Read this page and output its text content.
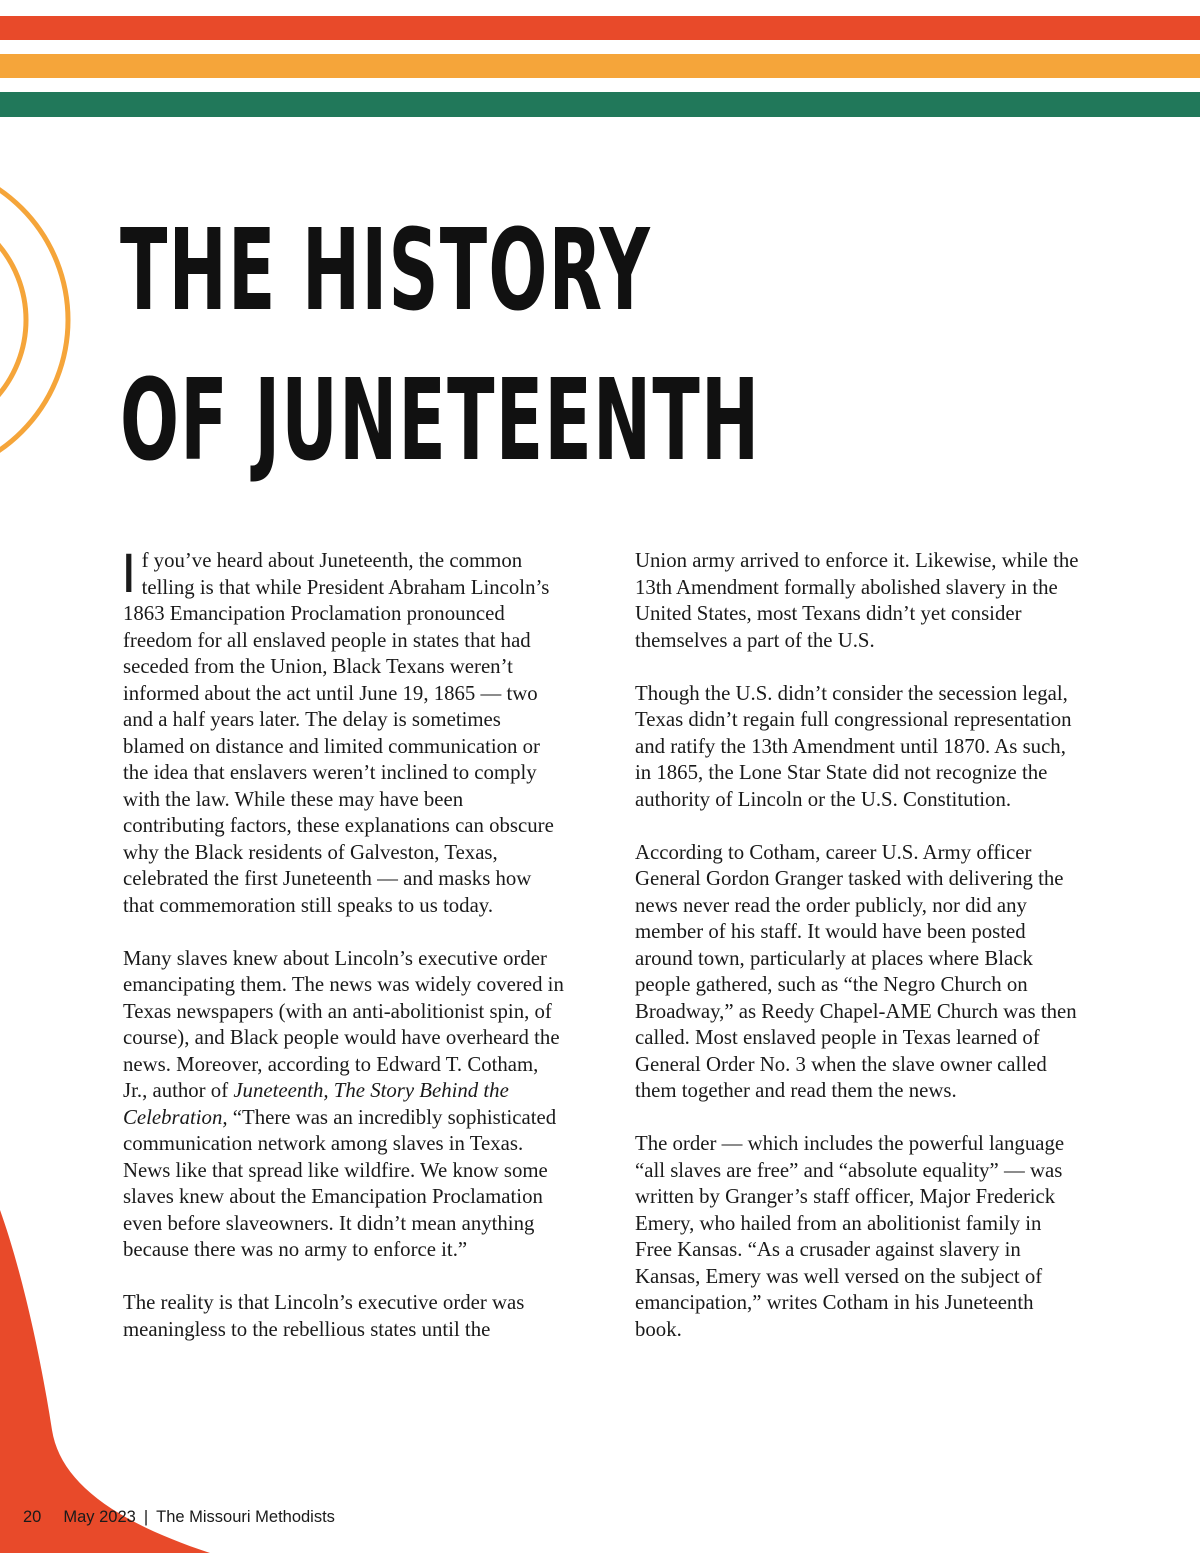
THE HISTORY
OF JUNETEENTH

If you’ve heard about Juneteenth, the common telling is that while President Abraham Lincoln’s 1863 Emancipation Proclamation pronounced freedom for all enslaved people in states that had seceded from the Union, Black Texans weren’t informed about the act until June 19, 1865 — two and a half years later. The delay is sometimes blamed on distance and limited communication or the idea that enslavers weren’t inclined to comply with the law. While these may have been contributing factors, these explanations can obscure why the Black residents of Galveston, Texas, celebrated the first Juneteenth — and masks how that commemoration still speaks to us today.

Many slaves knew about Lincoln’s executive order emancipating them. The news was widely covered in Texas newspapers (with an anti-abolitionist spin, of course), and Black people would have overheard the news. Moreover, according to Edward T. Cotham, Jr., author of Juneteenth, The Story Behind the Celebration, “There was an incredibly sophisticated communication network among slaves in Texas. News like that spread like wildfire. We know some slaves knew about the Emancipation Proclamation even before slaveowners. It didn’t mean anything because there was no army to enforce it.”

The reality is that Lincoln’s executive order was meaningless to the rebellious states until the

Union army arrived to enforce it. Likewise, while the 13th Amendment formally abolished slavery in the United States, most Texans didn’t yet consider themselves a part of the U.S.

Though the U.S. didn’t consider the secession legal, Texas didn’t regain full congressional representation and ratify the 13th Amendment until 1870. As such, in 1865, the Lone Star State did not recognize the authority of Lincoln or the U.S. Constitution.

According to Cotham, career U.S. Army officer General Gordon Granger tasked with delivering the news never read the order publicly, nor did any member of his staff. It would have been posted around town, particularly at places where Black people gathered, such as “the Negro Church on Broadway,” as Reedy Chapel-AME Church was then called. Most enslaved people in Texas learned of General Order No. 3 when the slave owner called them together and read them the news.

The order — which includes the powerful language “all slaves are free” and “absolute equality” — was written by Granger’s staff officer, Major Frederick Emery, who hailed from an abolitionist family in Free Kansas. “As a crusader against slavery in Kansas, Emery was well versed on the subject of emancipation,” writes Cotham in his Juneteenth book.

20 May 2023 | The Missouri Methodists
